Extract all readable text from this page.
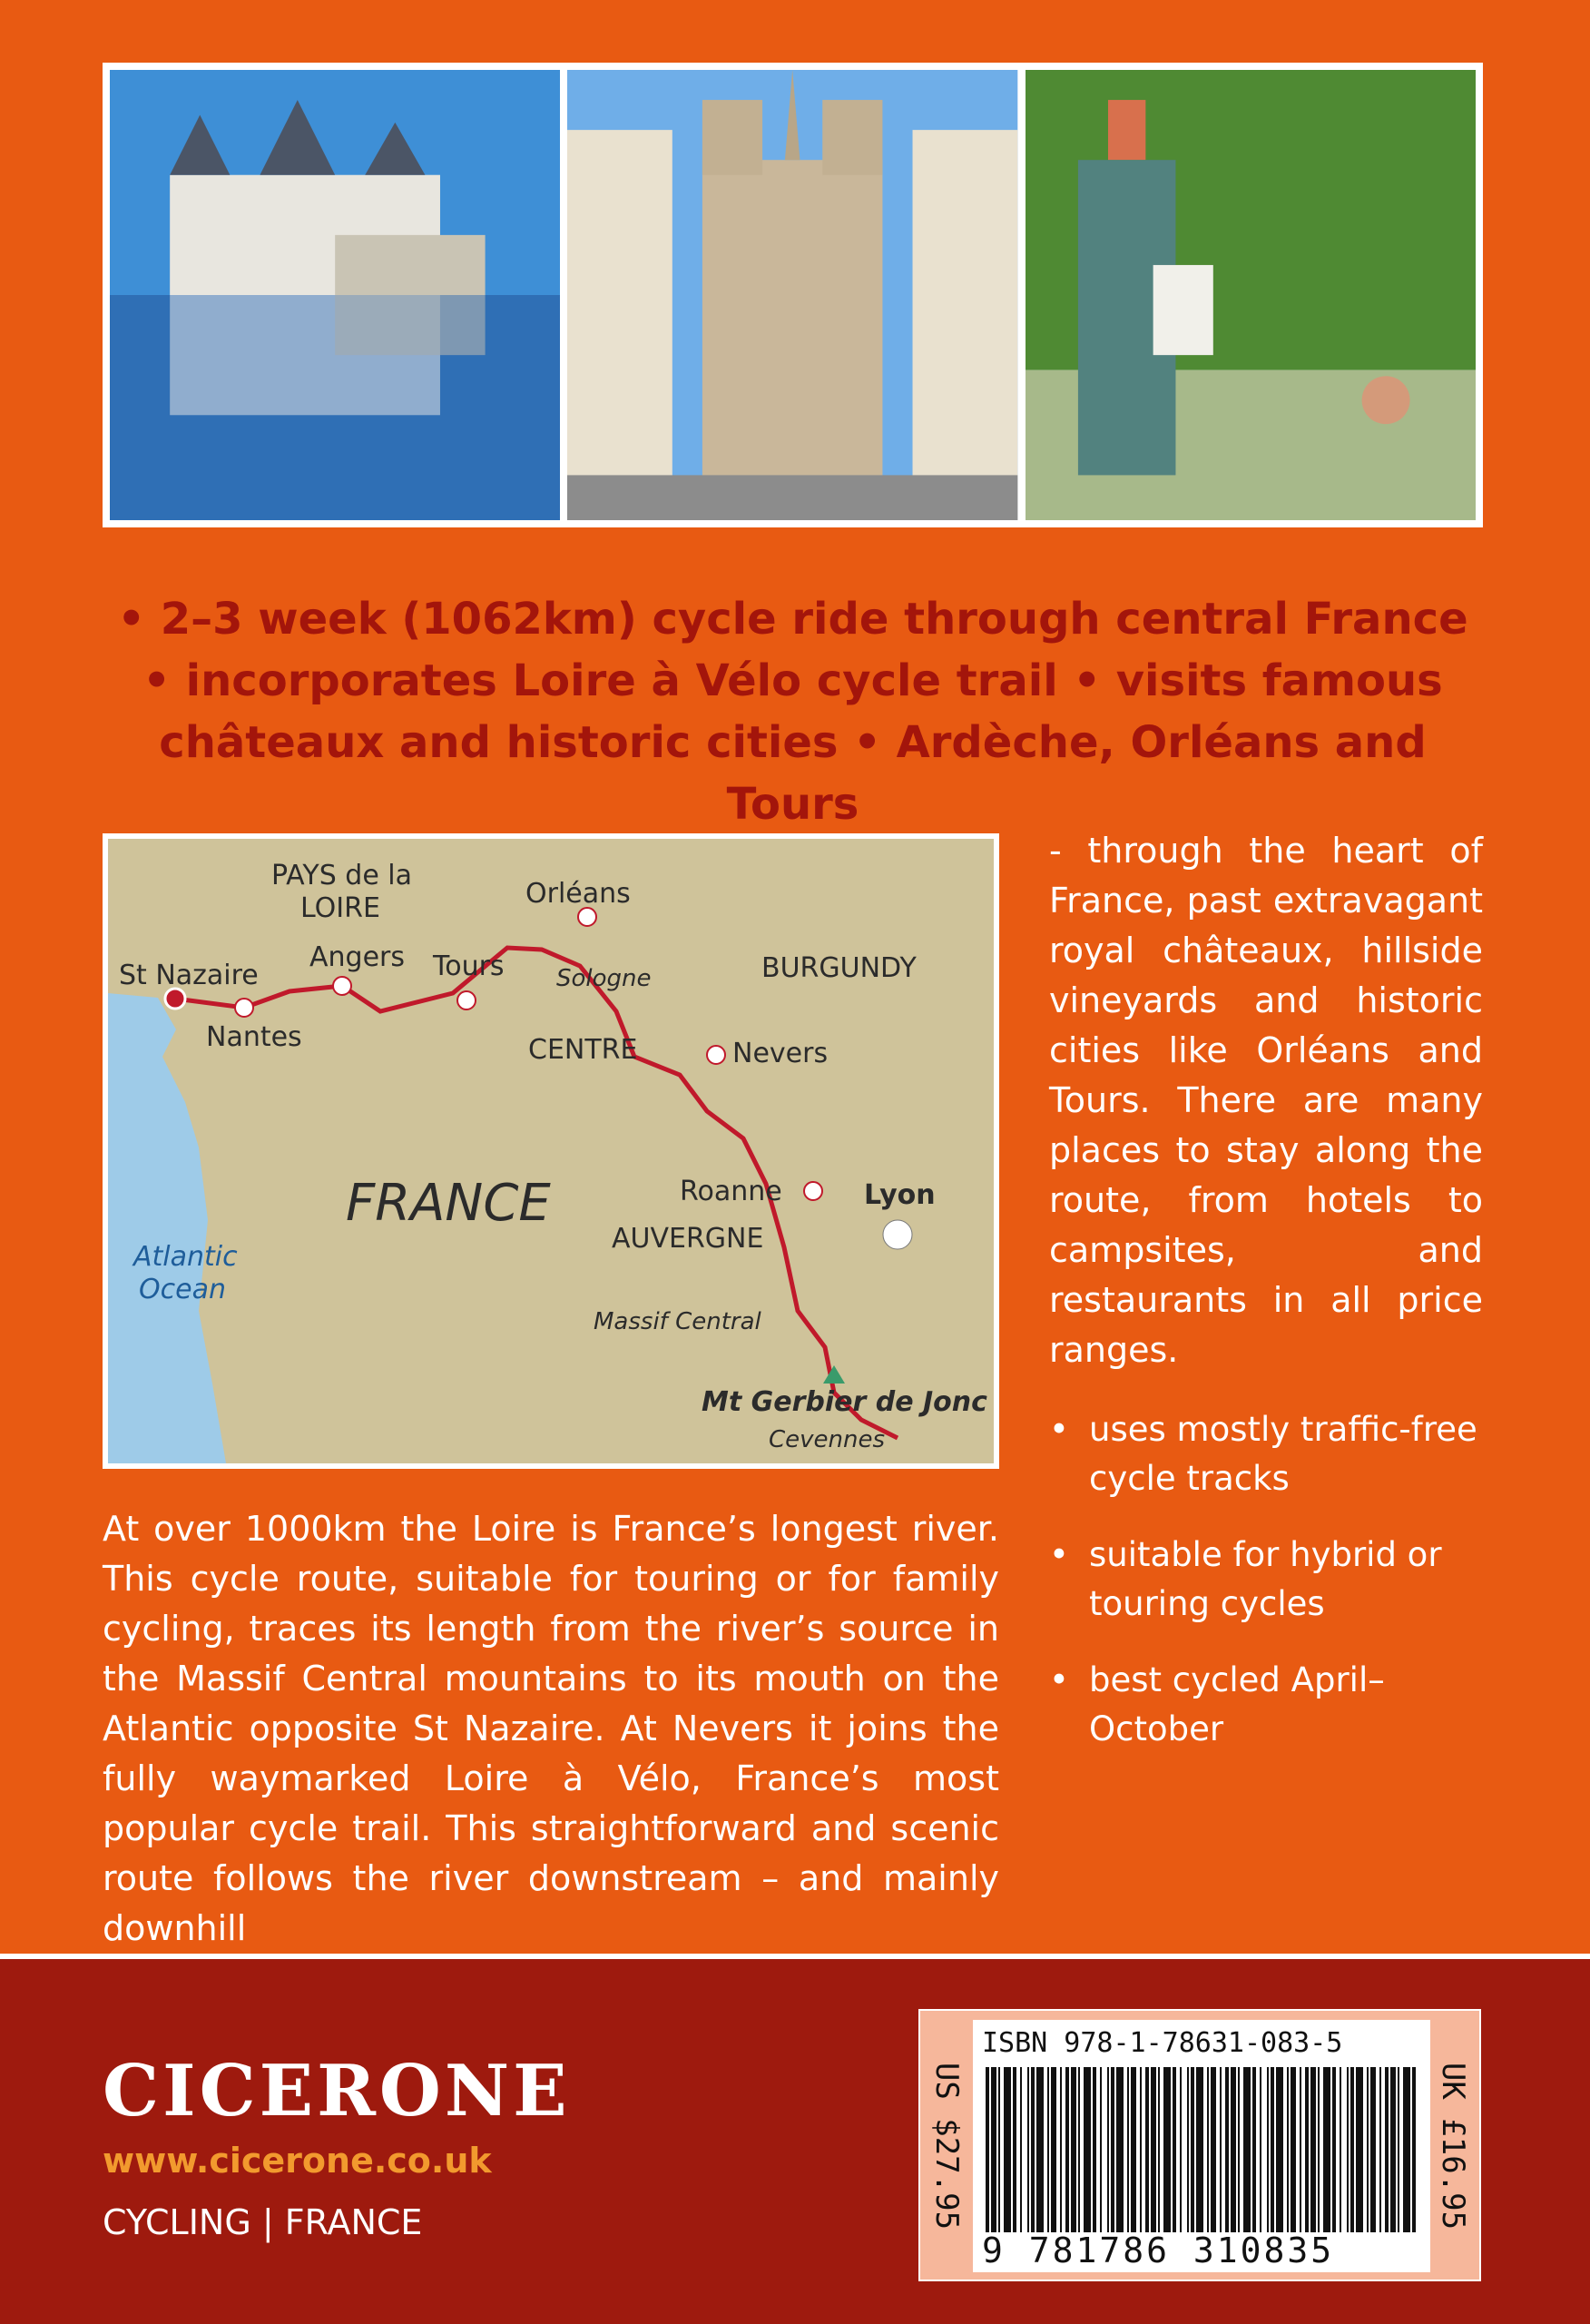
• 2–3 week (1062km) cycle ride through central France
• incorporates Loire à Vélo cycle trail • visits famous
châteaux and historic cities • Ardèche, Orléans and Tours
PAYS de la
LOIRE
BURGUNDY
CENTRE
AUVERGNE
FRANCE
St Nazaire
Nantes
Angers Tours
Orléans
Sologne
Nevers
Roanne	Lyon
Massif Central
Mt Gerbier de Jonc
Cevennes
Atlantic
Ocean

- through the heart of France, past extravagant royal châteaux, hillside vineyards and historic cities like Orléans and Tours. There are many places to stay along the route, from hotels to campsites, and restaurants in all price ranges.

• uses mostly traffic-free cycle tracks
• suitable for hybrid or touring cycles
• best cycled April–October

At over 1000km the Loire is France’s longest river. This cycle route, suitable for touring or for family cycling, traces its length from the river’s source in the Massif Central mountains to its mouth on the Atlantic opposite St Nazaire. At Nevers it joins the fully waymarked Loire à Vélo, France’s most popular cycle trail. This straightforward and scenic route follows the river downstream – and mainly downhill

CICERONE
www.cicerone.co.uk
CYCLING | FRANCE	US $27.95
ISBN 978-1-78631-083-5
9 781786 310835
UK £16.95
